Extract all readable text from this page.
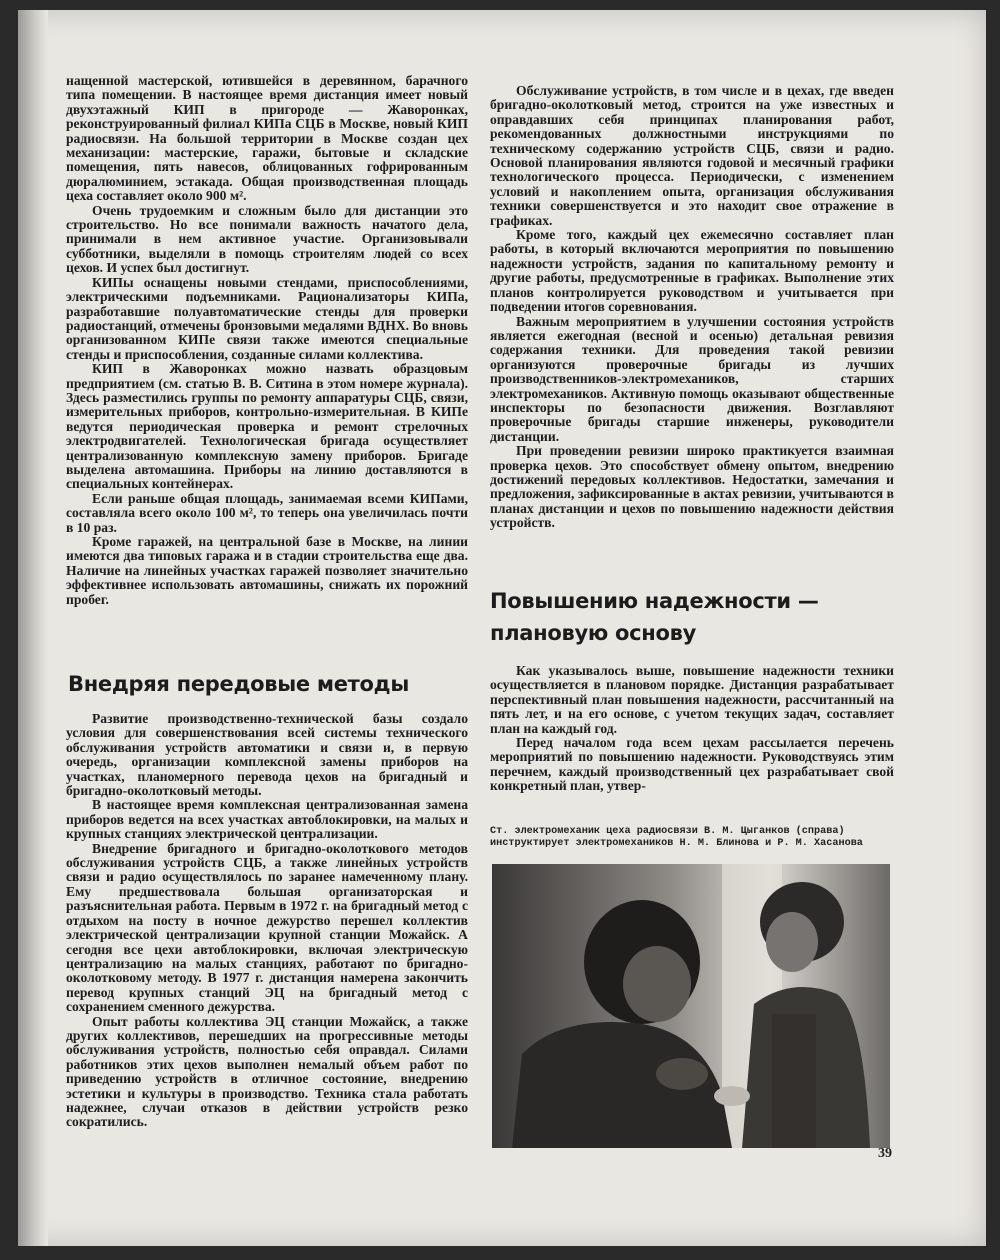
нащенной мастерской, ютившейся в деревянном, барачного типа помещении. В настоящее время дистанция имеет новый двухэтажный КИП в пригороде — Жаворонках, реконструированный филиал КИПа СЦБ в Москве, новый КИП радиосвязи. На большой территории в Москве создан цех механизации: мастерские, гаражи, бытовые и складские помещения, пять навесов, облицованных гофрированным дюралюминием, эстакада. Общая производственная площадь цеха составляет около 900 м².

Очень трудоемким и сложным было для дистанции это строительство. Но все понимали важность начатого дела, принимали в нем активное участие. Организовывали субботники, выделяли в помощь строителям людей со всех цехов. И успех был достигнут.

КИПы оснащены новыми стендами, приспособлениями, электрическими подъемниками. Рационализаторы КИПа, разработавшие полуавтоматические стенды для проверки радиостанций, отмечены бронзовыми медалями ВДНХ. Во вновь организованном КИПе связи также имеются специальные стенды и приспособления, созданные силами коллектива.

КИП в Жаворонках можно назвать образцовым предприятием (см. статью В. В. Ситина в этом номере журнала). Здесь разместились группы по ремонту аппаратуры СЦБ, связи, измерительных приборов, контрольно-измерительная. В КИПе ведутся периодическая проверка и ремонт стрелочных электродвигателей. Технологическая бригада осуществляет централизованную комплексную замену приборов. Бригаде выделена автомашина. Приборы на линию доставляются в специальных контейнерах.

Если раньше общая площадь, занимаемая всеми КИПами, составляла всего около 100 м², то теперь она увеличилась почти в 10 раз.

Кроме гаражей, на центральной базе в Москве, на линии имеются два типовых гаража и в стадии строительства еще два. Наличие на линейных участках гаражей позволяет значительно эффективнее использовать автомашины, снижать их порожний пробег.

Внедряя передовые методы

Развитие производственно-технической базы создало условия для совершенствования всей системы технического обслуживания устройств автоматики и связи и, в первую очередь, организации комплексной замены приборов на участках, планомерного перевода цехов на бригадный и бригадно-околотковый методы.

В настоящее время комплексная централизованная замена приборов ведется на всех участках автоблокировки, на малых и крупных станциях электрической централизации.

Внедрение бригадного и бригадно-околоткового методов обслуживания устройств СЦБ, а также линейных устройств связи и радио осуществлялось по заранее намеченному плану. Ему предшествовала большая организаторская и разъяснительная работа. Первым в 1972 г. на бригадный метод с отдыхом на посту в ночное дежурство перешел коллектив электрической централизации крупной станции Можайск. А сегодня все цехи автоблокировки, включая электрическую централизацию на малых станциях, работают по бригадно-околотковому методу. В 1977 г. дистанция намерена закончить перевод крупных станций ЭЦ на бригадный метод с сохранением сменного дежурства.

Опыт работы коллектива ЭЦ станции Можайск, а также других коллективов, перешедших на прогрессивные методы обслуживания устройств, полностью себя оправдал. Силами работников этих цехов выполнен немалый объем работ по приведению устройств в отличное состояние, внедрению эстетики и культуры в производство. Техника стала работать надежнее, случаи отказов в действии устройств резко сократились.

Обслуживание устройств, в том числе и в цехах, где введен бригадно-околотковый метод, строится на уже известных и оправдавших себя принципах планирования работ, рекомендованных должностными инструкциями по техническому содержанию устройств СЦБ, связи и радио. Основой планирования являются годовой и месячный графики технологического процесса. Периодически, с изменением условий и накоплением опыта, организация обслуживания техники совершенствуется и это находит свое отражение в графиках.

Кроме того, каждый цех ежемесячно составляет план работы, в который включаются мероприятия по повышению надежности устройств, задания по капитальному ремонту и другие работы, предусмотренные в графиках. Выполнение этих планов контролируется руководством и учитывается при подведении итогов соревнования.

Важным мероприятием в улучшении состояния устройств является ежегодная (весной и осенью) детальная ревизия содержания техники. Для проведения такой ревизии организуются проверочные бригады из лучших производственников-электромехаников, старших электромехаников. Активную помощь оказывают общественные инспекторы по безопасности движения. Возглавляют проверочные бригады старшие инженеры, руководители дистанции.

При проведении ревизии широко практикуется взаимная проверка цехов. Это способствует обмену опытом, внедрению достижений передовых коллективов. Недостатки, замечания и предложения, зафиксированные в актах ревизии, учитываются в планах дистанции и цехов по повышению надежности действия устройств.

Повышению надежности — плановую основу

Как указывалось выше, повышение надежности техники осуществляется в плановом порядке. Дистанция разрабатывает перспективный план повышения надежности, рассчитанный на пять лет, и на его основе, с учетом текущих задач, составляет план на каждый год.

Перед началом года всем цехам рассылается перечень мероприятий по повышению надежности. Руководствуясь этим перечнем, каждый производственный цех разрабатывает свой конкретный план, утвер-

Ст. электромеханик цеха радиосвязи В. М. Цыганков (справа) инструктирует электромехаников Н. М. Блинова и Р. М. Хасанова
39
